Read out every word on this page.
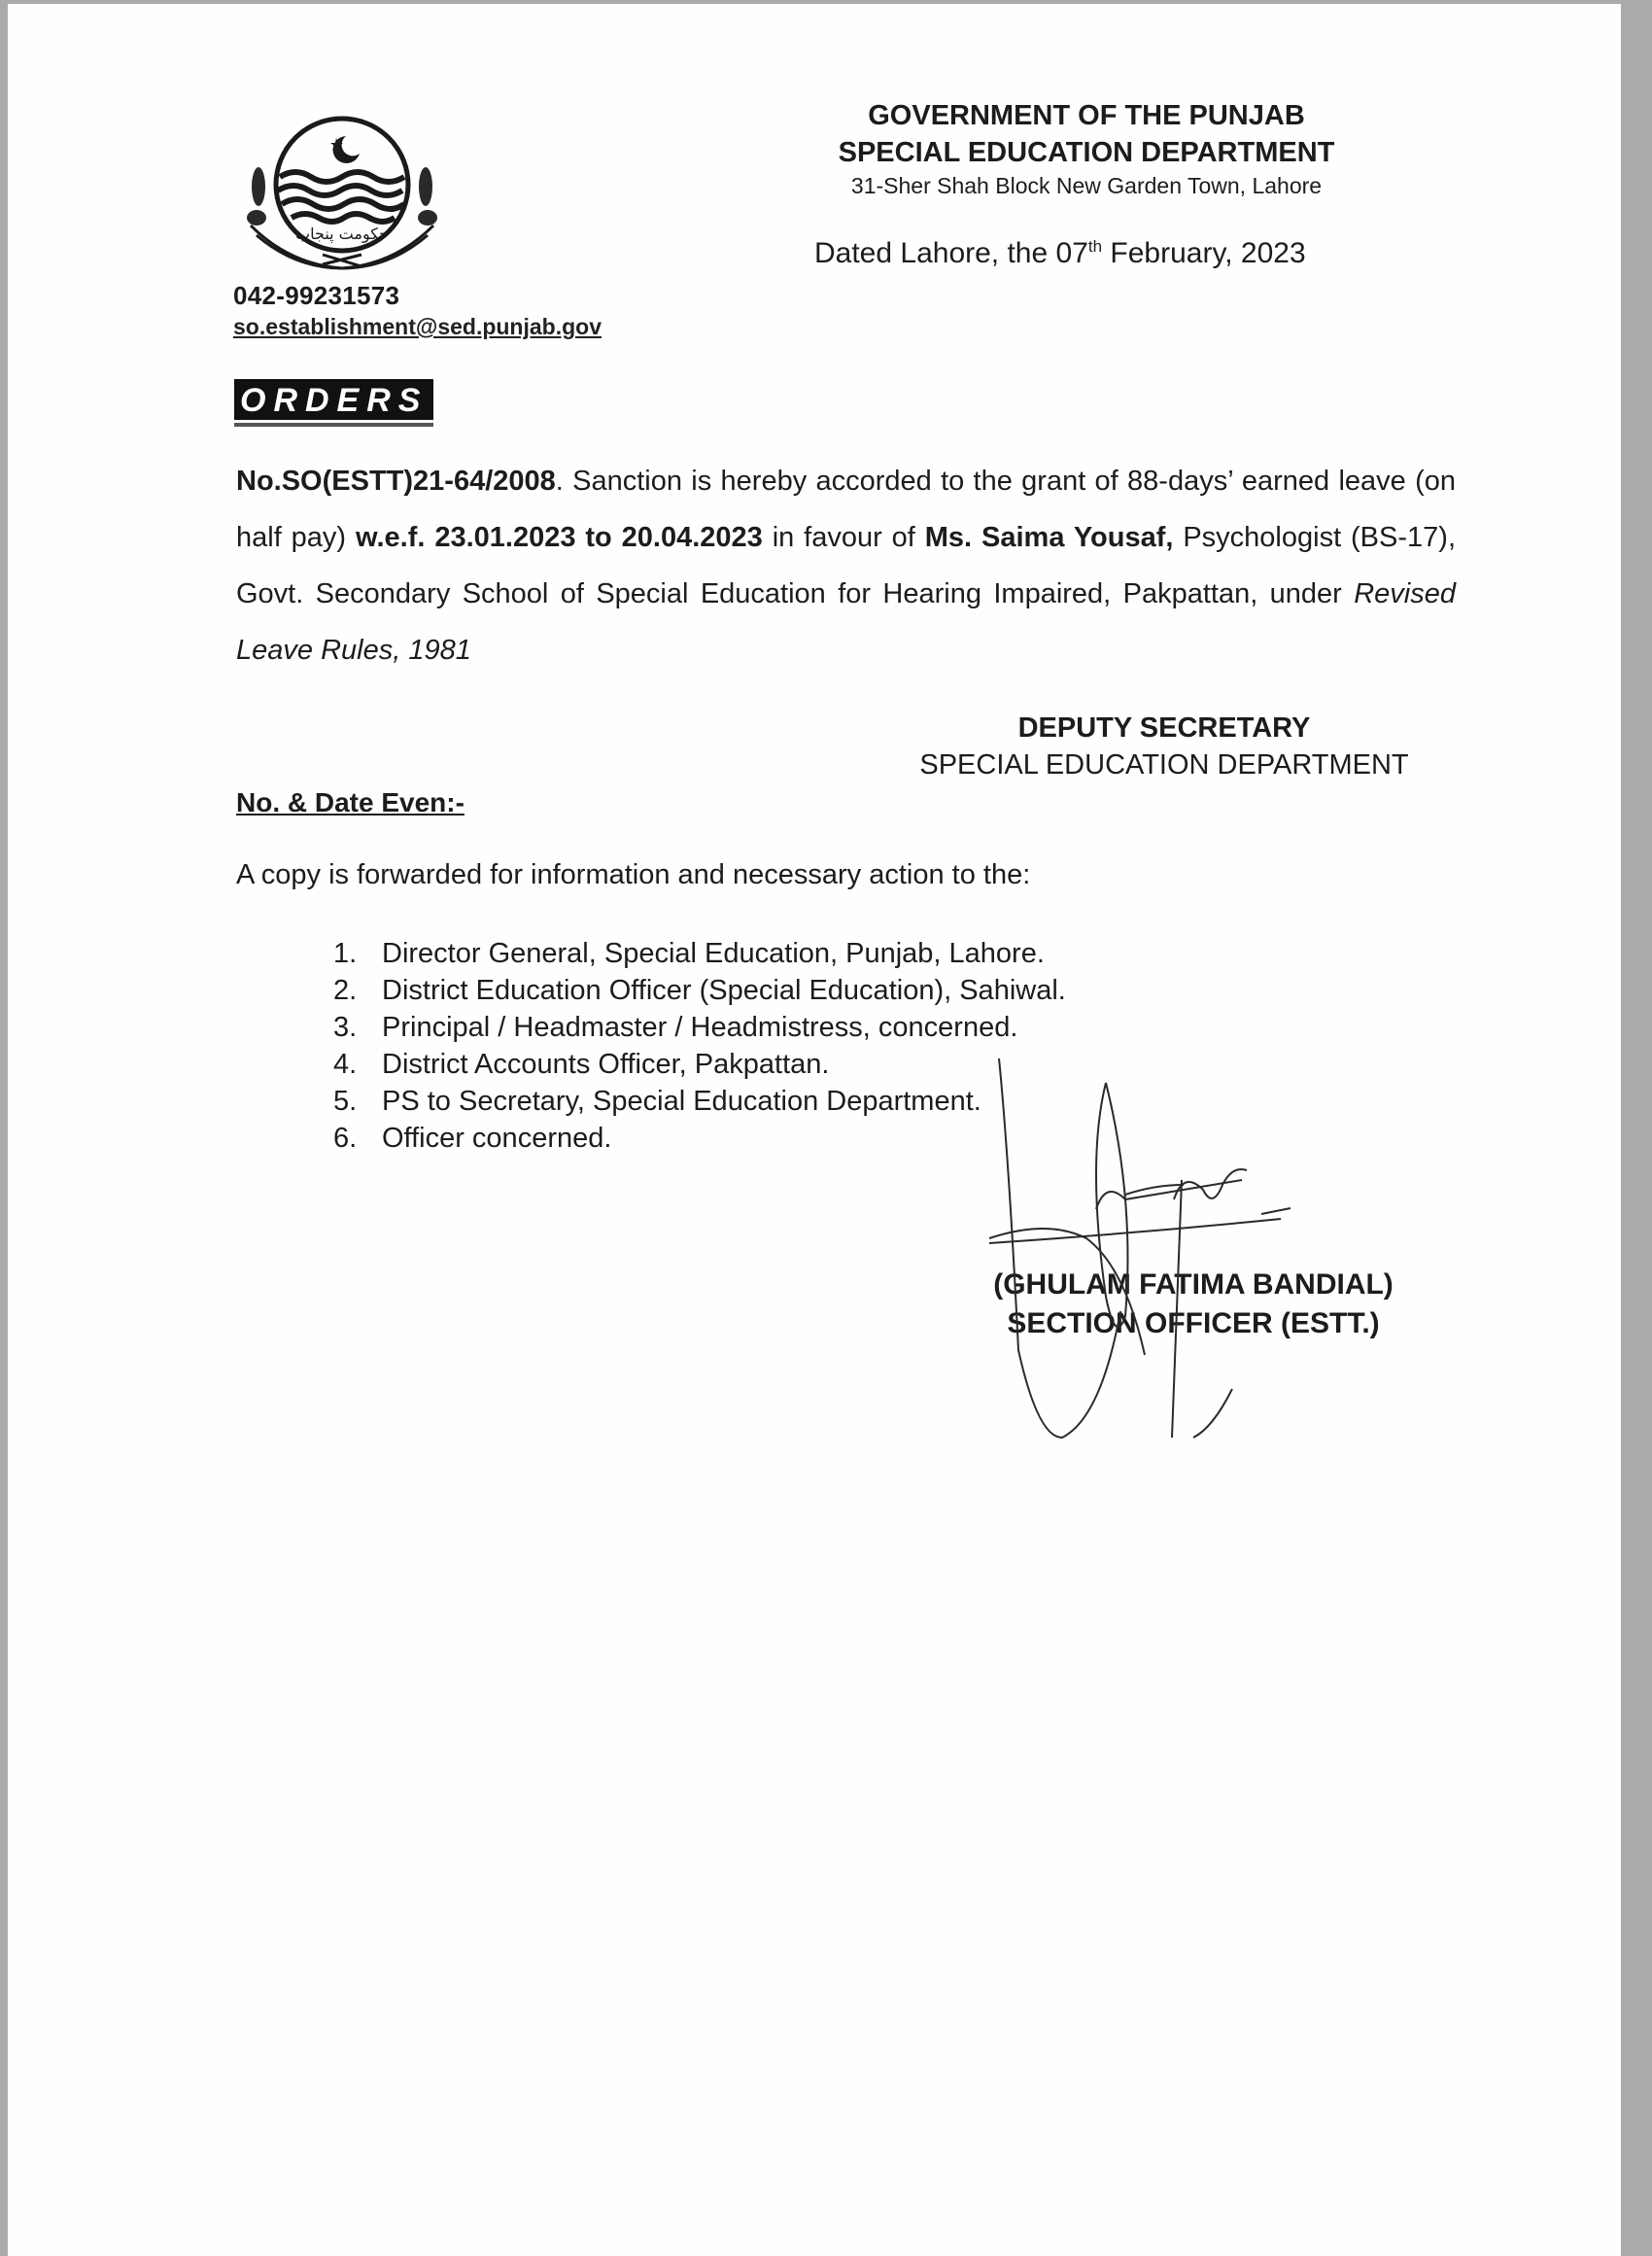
حکومت پنجاب
042-99231573
so.establishment@sed.punjab.gov
GOVERNMENT OF THE PUNJAB
SPECIAL EDUCATION DEPARTMENT
31-Sher Shah Block New Garden Town, Lahore
Dated Lahore, the 07th February, 2023
ORDERS
No.SO(ESTT)21-64/2008. Sanction is hereby accorded to the grant of 88-days’ earned leave (on half pay) w.e.f. 23.01.2023 to 20.04.2023 in favour of Ms. Saima Yousaf, Psychologist (BS-17), Govt. Secondary School of Special Education for Hearing Impaired, Pakpattan, under Revised Leave Rules, 1981
DEPUTY SECRETARY
SPECIAL EDUCATION DEPARTMENT
No. & Date Even:-
A copy is forwarded for information and necessary action to the:
1. Director General, Special Education, Punjab, Lahore.
2. District Education Officer (Special Education), Sahiwal.
3. Principal / Headmaster / Headmistress, concerned.
4. District Accounts Officer, Pakpattan.
5. PS to Secretary, Special Education Department.
6. Officer concerned.
(GHULAM FATIMA BANDIAL)
SECTION OFFICER (ESTT.)
